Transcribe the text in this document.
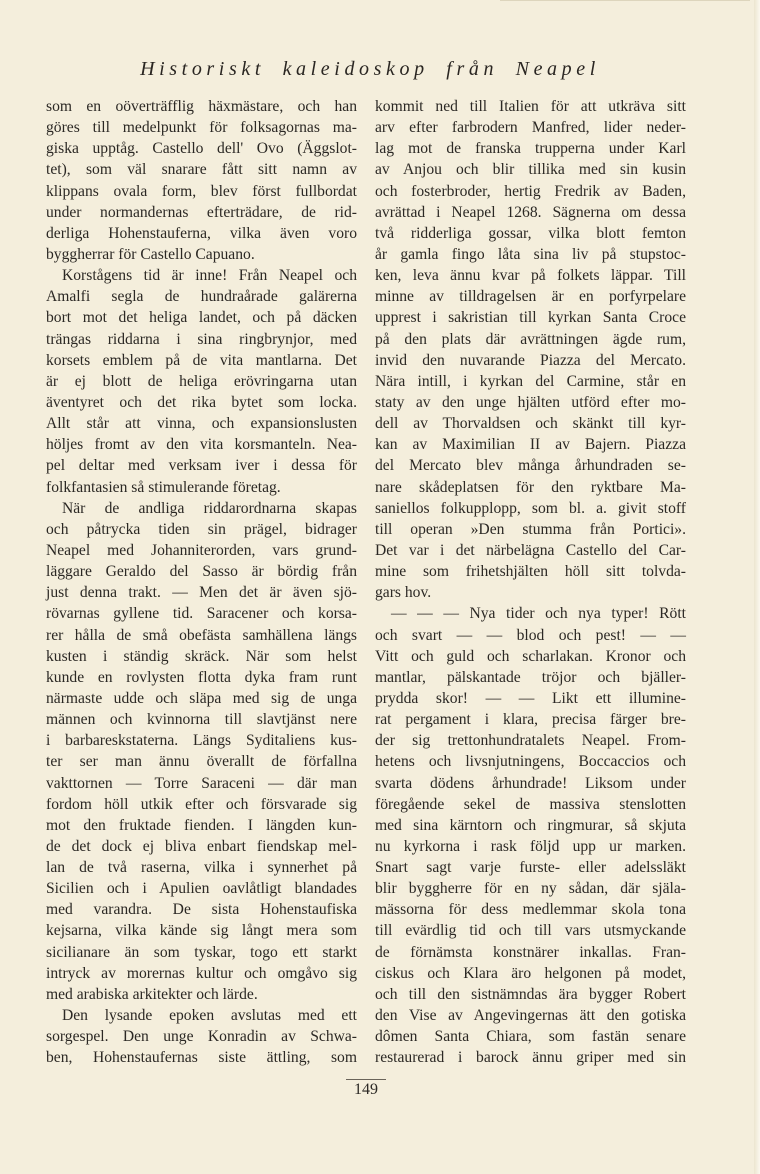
Historiskt kaleidoskop från Neapel
som en oöverträfflig häxmästare, och han
göres till medelpunkt för folksagornas ma-
giska upptåg. Castello dell' Ovo (Äggslot-
tet), som väl snarare fått sitt namn av
klippans ovala form, blev först fullbordat
under normandernas efterträdare, de rid-
derliga Hohenstauferna, vilka även voro
byggherrar för Castello Capuano.
Korstågens tid är inne! Från Neapel och
Amalfi segla de hundraårade galärerna
bort mot det heliga landet, och på däcken
trängas riddarna i sina ringbrynjor, med
korsets emblem på de vita mantlarna. Det
är ej blott de heliga erövringarna utan
äventyret och det rika bytet som locka.
Allt står att vinna, och expansionslusten
höljes fromt av den vita korsmanteln. Nea-
pel deltar med verksam iver i dessa för
folkfantasien så stimulerande företag.
När de andliga riddarordnarna skapas
och påtrycka tiden sin prägel, bidrager
Neapel med Johanniterorden, vars grund-
läggare Geraldo del Sasso är bördig från
just denna trakt. — Men det är även sjö-
rövarnas gyllene tid. Saracener och korsa-
rer hålla de små obefästa samhällena längs
kusten i ständig skräck. När som helst
kunde en rovlysten flotta dyka fram runt
närmaste udde och släpa med sig de unga
männen och kvinnorna till slavtjänst nere
i barbareskstaterna. Längs Syditaliens kus-
ter ser man ännu överallt de förfallna
vakttornen — Torre Saraceni — där man
fordom höll utkik efter och försvarade sig
mot den fruktade fienden. I längden kun-
de det dock ej bliva enbart fiendskap mel-
lan de två raserna, vilka i synnerhet på
Sicilien och i Apulien oavlåtligt blandades
med varandra. De sista Hohenstaufiska
kejsarna, vilka kände sig långt mera som
sicilianare än som tyskar, togo ett starkt
intryck av morernas kultur och omgåvo sig
med arabiska arkitekter och lärde.
Den lysande epoken avslutas med ett
sorgespel. Den unge Konradin av Schwa-
ben, Hohenstaufernas siste ättling, som
kommit ned till Italien för att utkräva sitt
arv efter farbrodern Manfred, lider neder-
lag mot de franska trupperna under Karl
av Anjou och blir tillika med sin kusin
och fosterbroder, hertig Fredrik av Baden,
avrättad i Neapel 1268. Sägnerna om dessa
två ridderliga gossar, vilka blott femton
år gamla fingo låta sina liv på stupstoc-
ken, leva ännu kvar på folkets läppar. Till
minne av tilldragelsen är en porfyrpelare
upprest i sakristian till kyrkan Santa Croce
på den plats där avrättningen ägde rum,
invid den nuvarande Piazza del Mercato.
Nära intill, i kyrkan del Carmine, står en
staty av den unge hjälten utförd efter mo-
dell av Thorvaldsen och skänkt till kyr-
kan av Maximilian II av Bajern. Piazza
del Mercato blev många århundraden se-
nare skådeplatsen för den ryktbare Ma-
saniellos folkupplopp, som bl. a. givit stoff
till operan »Den stumma från Portici».
Det var i det närbelägna Castello del Car-
mine som frihetshjälten höll sitt tolvda-
gars hov.
— — — Nya tider och nya typer! Rött
och svart — — blod och pest! — —
Vitt och guld och scharlakan. Kronor och
mantlar, pälskantade tröjor och bjäller-
prydda skor! — — Likt ett illumine-
rat pergament i klara, precisa färger bre-
der sig trettonhundratalets Neapel. From-
hetens och livsnjutningens, Boccaccios och
svarta dödens århundrade! Liksom under
föregående sekel de massiva stenslotten
med sina kärntorn och ringmurar, så skjuta
nu kyrkorna i rask följd upp ur marken.
Snart sagt varje furste- eller adelssläkt
blir byggherre för en ny sådan, där själa-
mässorna för dess medlemmar skola tona
till evärdlig tid och till vars utsmyckande
de förnämsta konstnärer inkallas. Fran-
ciskus och Klara äro helgonen på modet,
och till den sistnämndas ära bygger Robert
den Vise av Angevingernas ätt den gotiska
dômen Santa Chiara, som fastän senare
restaurerad i barock ännu griper med sin
149
